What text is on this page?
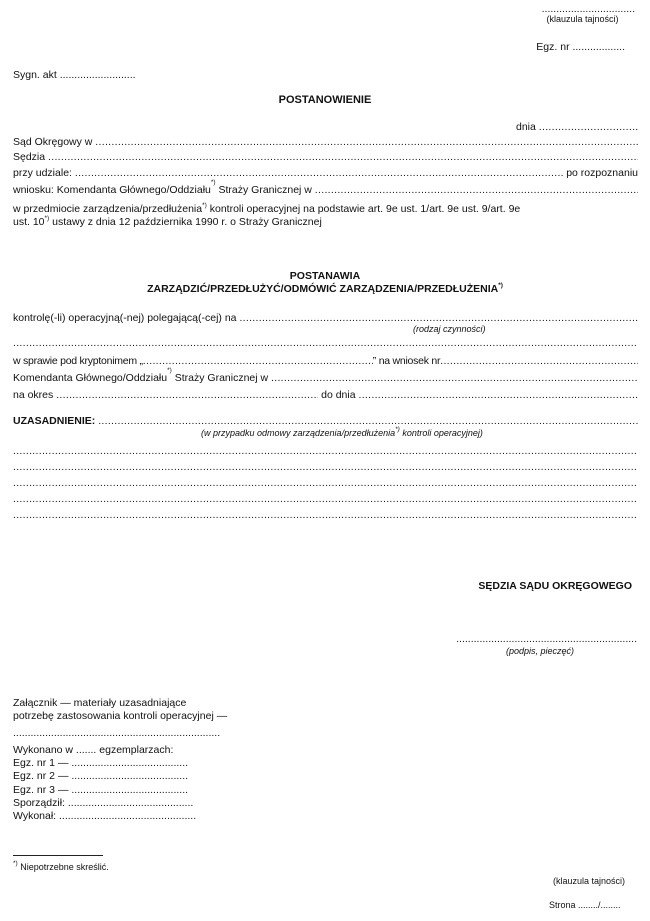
................................
(klauzula tajności)
Egz. nr ..................
Sygn. akt ..........................
POSTANOWIENIE
dnia

.....
Sąd Okręgowy w

.....
Sędzia

.....
przy udziale:
.....
	po rozpoznaniu
wniosku: Komendanta Głównego/Oddziału
*)

Straży Granicznej w

.....
w przedmiocie zarządzenia/przedłużenia*) kontroli operacyjnej na podstawie art. 9e ust. 1/art. 9e ust. 9/art. 9e
ust. 10*) ustawy z dnia 12 października 1990 r. o Straży Granicznej
POSTANAWIA
ZARZĄDZIĆ/PRZEDŁUŻYĆ/ODMÓWIĆ ZARZĄDZENIA/PRZEDŁUŻENIA*)
kontrolę(-li) operacyjną(-nej) polegającą(-cej) na

.....
(rodzaj czynności)
.....
w sprawie pod kryptonimem „ .....	” na wniosek nr
.....
Komendanta Głównego/Oddziału
*)

Straży Granicznej w

.....
na okres
.....
	do dnia

.....
UZASADNIENIE:

.....
(w przypadku odmowy zarządzenia/przedłużenia*) kontroli operacyjnej)
.....
.....
.....
.....
.....
SĘDZIA SĄDU OKRĘGOWEGO
..............................................................
(podpis, pieczęć)
Załącznik — materiały uzasadniające
potrzebę zastosowania kontroli operacyjnej —
.......................................................................
Wykonano w ....... egzemplarzach:
Egz. nr 1 — ........................................
Egz. nr 2 — ........................................
Egz. nr 3 — ........................................
Sporządził: ...........................................
Wykonał: ...............................................
*) Niepotrzebne skreślić.
(klauzula tajności)
Strona ......../........
